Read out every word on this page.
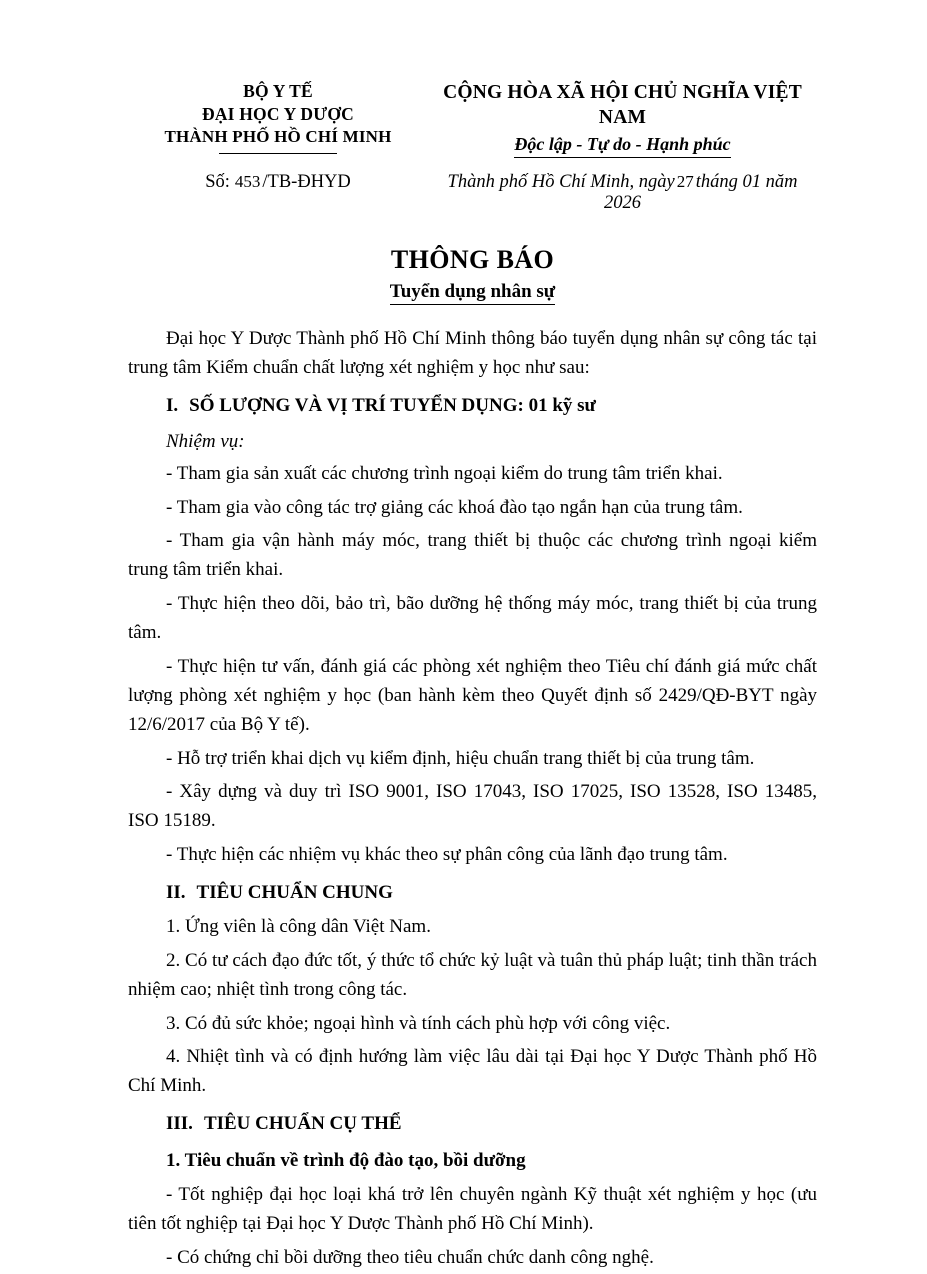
BỘ Y TẾ
ĐẠI HỌC Y DƯỢC
THÀNH PHỐ HỒ CHÍ MINH
CỘNG HÒA XÃ HỘI CHỦ NGHĨA VIỆT NAM
Độc lập - Tự do - Hạnh phúc
Số: 453 /TB-ĐHYD	Thành phố Hồ Chí Minh, ngày 27 tháng 01 năm 2026
THÔNG BÁO
Tuyển dụng nhân sự

Đại học Y Dược Thành phố Hồ Chí Minh thông báo tuyển dụng nhân sự công tác tại trung tâm Kiểm chuẩn chất lượng xét nghiệm y học như sau:

I. SỐ LƯỢNG VÀ VỊ TRÍ TUYỂN DỤNG: 01 kỹ sư

Nhiệm vụ:

- Tham gia sản xuất các chương trình ngoại kiểm do trung tâm triển khai.

- Tham gia vào công tác trợ giảng các khoá đào tạo ngắn hạn của trung tâm.

- Tham gia vận hành máy móc, trang thiết bị thuộc các chương trình ngoại kiểm trung tâm triển khai.

- Thực hiện theo dõi, bảo trì, bão dưỡng hệ thống máy móc, trang thiết bị của trung tâm.

- Thực hiện tư vấn, đánh giá các phòng xét nghiệm theo Tiêu chí đánh giá mức chất lượng phòng xét nghiệm y học (ban hành kèm theo Quyết định số 2429/QĐ-BYT ngày 12/6/2017 của Bộ Y tế).

- Hỗ trợ triển khai dịch vụ kiểm định, hiệu chuẩn trang thiết bị của trung tâm.

- Xây dựng và duy trì ISO 9001, ISO 17043, ISO 17025, ISO 13528, ISO 13485, ISO 15189.

- Thực hiện các nhiệm vụ khác theo sự phân công của lãnh đạo trung tâm.

II. TIÊU CHUẨN CHUNG

1. Ứng viên là công dân Việt Nam.

2. Có tư cách đạo đức tốt, ý thức tổ chức kỷ luật và tuân thủ pháp luật; tinh thần trách nhiệm cao; nhiệt tình trong công tác.

3. Có đủ sức khỏe; ngoại hình và tính cách phù hợp với công việc.

4. Nhiệt tình và có định hướng làm việc lâu dài tại Đại học Y Dược Thành phố Hồ Chí Minh.

III. TIÊU CHUẨN CỤ THỂ

1. Tiêu chuẩn về trình độ đào tạo, bồi dưỡng

- Tốt nghiệp đại học loại khá trở lên chuyên ngành Kỹ thuật xét nghiệm y học (ưu tiên tốt nghiệp tại Đại học Y Dược Thành phố Hồ Chí Minh).

- Có chứng chỉ bồi dưỡng theo tiêu chuẩn chức danh công nghệ.
